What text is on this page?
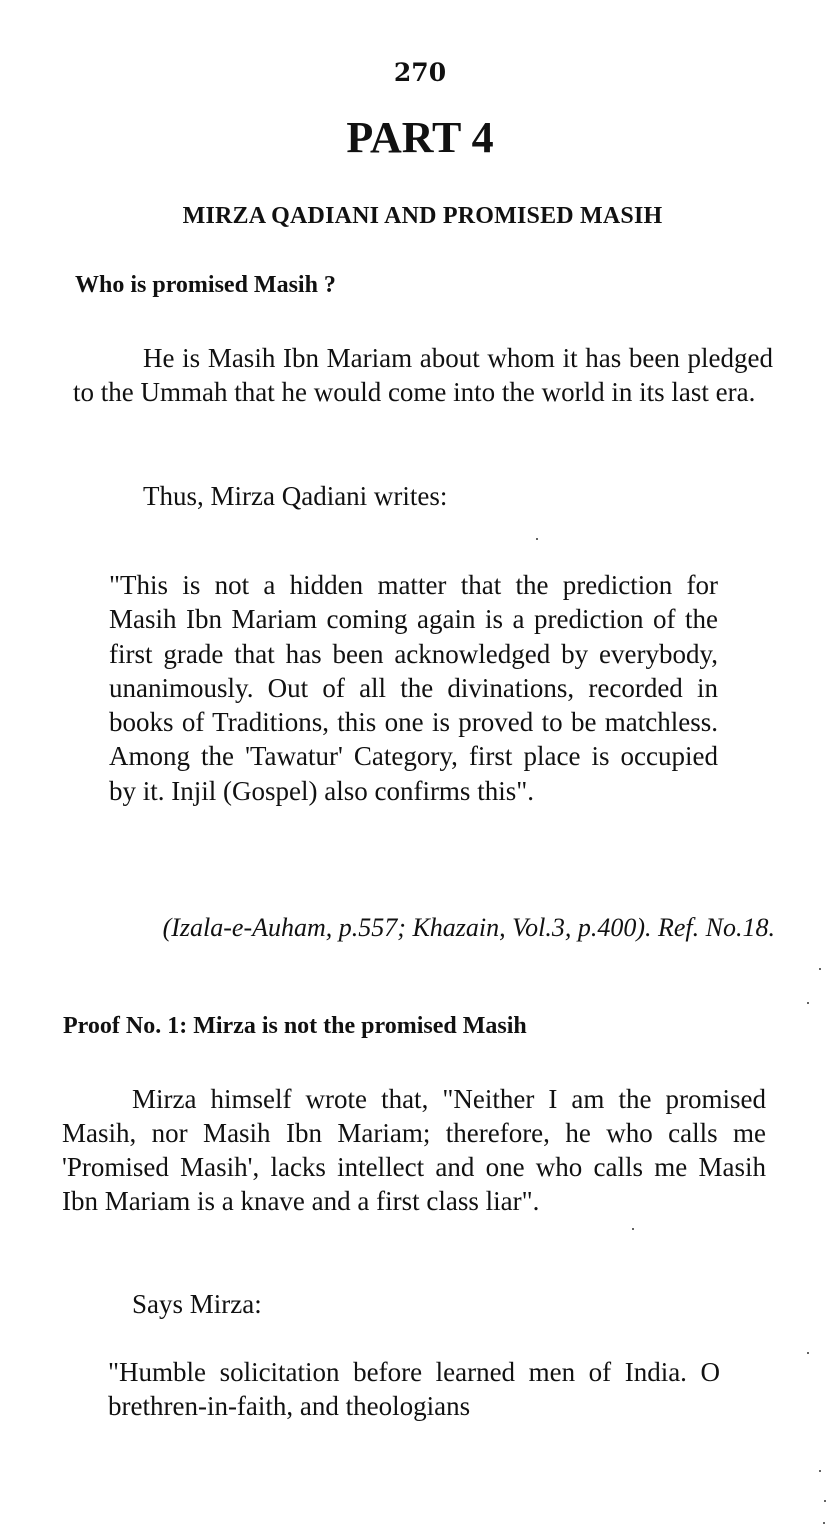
270
PART 4
MIRZA QADIANI AND PROMISED MASIH
Who is promised Masih ?
He is Masih Ibn Mariam about whom it has been pledged to the Ummah that he would come into the world in its last era.
Thus, Mirza Qadiani writes:
"This is not a hidden matter that the prediction for Masih Ibn Mariam coming again is a prediction of the first grade that has been acknowledged by everybody, unanimously. Out of all the divinations, recorded in books of Traditions, this one is proved to be matchless. Among the 'Tawatur' Category, first place is occupied by it. Injil (Gospel) also confirms this".
(Izala-e-Auham, p.557; Khazain, Vol.3, p.400). Ref. No.18.
Proof No. 1: Mirza is not the promised Masih
Mirza himself wrote that, "Neither I am the promised Masih, nor Masih Ibn Mariam; therefore, he who calls me 'Promised Masih', lacks intellect and one who calls me Masih Ibn Mariam is a knave and a first class liar".
Says Mirza:
"Humble solicitation before learned men of India. O brethren-in-faith, and theologians
